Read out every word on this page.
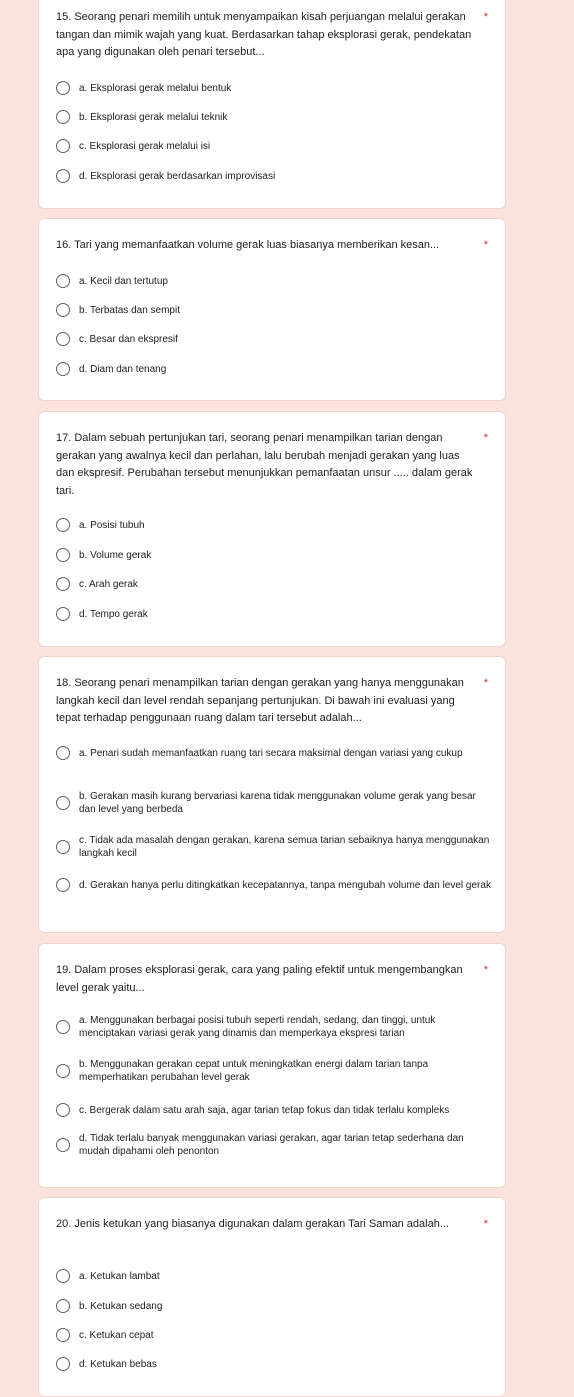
15. Seorang penari memilih untuk menyampaikan kisah perjuangan melalui gerakan tangan dan mimik wajah yang kuat. Berdasarkan tahap eksplorasi gerak, pendekatan apa yang digunakan oleh penari tersebut...
*
a. Eksplorasi gerak melalui bentuk
b. Eksplorasi gerak melalui teknik
c. Eksplorasi gerak melalui isi
d. Eksplorasi gerak berdasarkan improvisasi
16. Tari yang memanfaatkan volume gerak luas biasanya memberikan kesan...	*
a. Kecil dan tertutup
b. Terbatas dan sempit
c. Besar dan ekspresif
d. Diam dan tenang
17. Dalam sebuah pertunjukan tari, seorang penari menampilkan tarian dengan gerakan yang awalnya kecil dan perlahan, lalu berubah menjadi gerakan yang luas dan ekspresif. Perubahan tersebut menunjukkan pemanfaatan unsur ..... dalam gerak tari.
*
a. Posisi tubuh
b. Volume gerak
c. Arah gerak
d. Tempo gerak
18. Seorang penari menampilkan tarian dengan gerakan yang hanya menggunakan langkah kecil dan level rendah sepanjang pertunjukan. Di bawah ini evaluasi yang tepat terhadap penggunaan ruang dalam tari tersebut adalah...
*
a. Penari sudah memanfaatkan ruang tari secara maksimal dengan variasi yang cukup
b. Gerakan masih kurang bervariasi karena tidak menggunakan volume gerak yang besar dan level yang berbeda
c. Tidak ada masalah dengan gerakan, karena semua tarian sebaiknya hanya menggunakan langkah kecil
d. Gerakan hanya perlu ditingkatkan kecepatannya, tanpa mengubah volume dan level gerak
19. Dalam proses eksplorasi gerak, cara yang paling efektif untuk mengembangkan level gerak yaitu...
*
a. Menggunakan berbagai posisi tubuh seperti rendah, sedang, dan tinggi, untuk menciptakan variasi gerak yang dinamis dan memperkaya ekspresi tarian
b. Menggunakan gerakan cepat untuk meningkatkan energi dalam tarian tanpa memperhatikan perubahan level gerak
c. Bergerak dalam satu arah saja, agar tarian tetap fokus dan tidak terlalu kompleks
d. Tidak terlalu banyak menggunakan variasi gerakan, agar tarian tetap sederhana dan mudah dipahami oleh penonton
20. Jenis ketukan yang biasanya digunakan dalam gerakan Tari Saman adalah...	*
a. Ketukan lambat
b. Ketukan sedang
c. Ketukan cepat
d. Ketukan bebas
